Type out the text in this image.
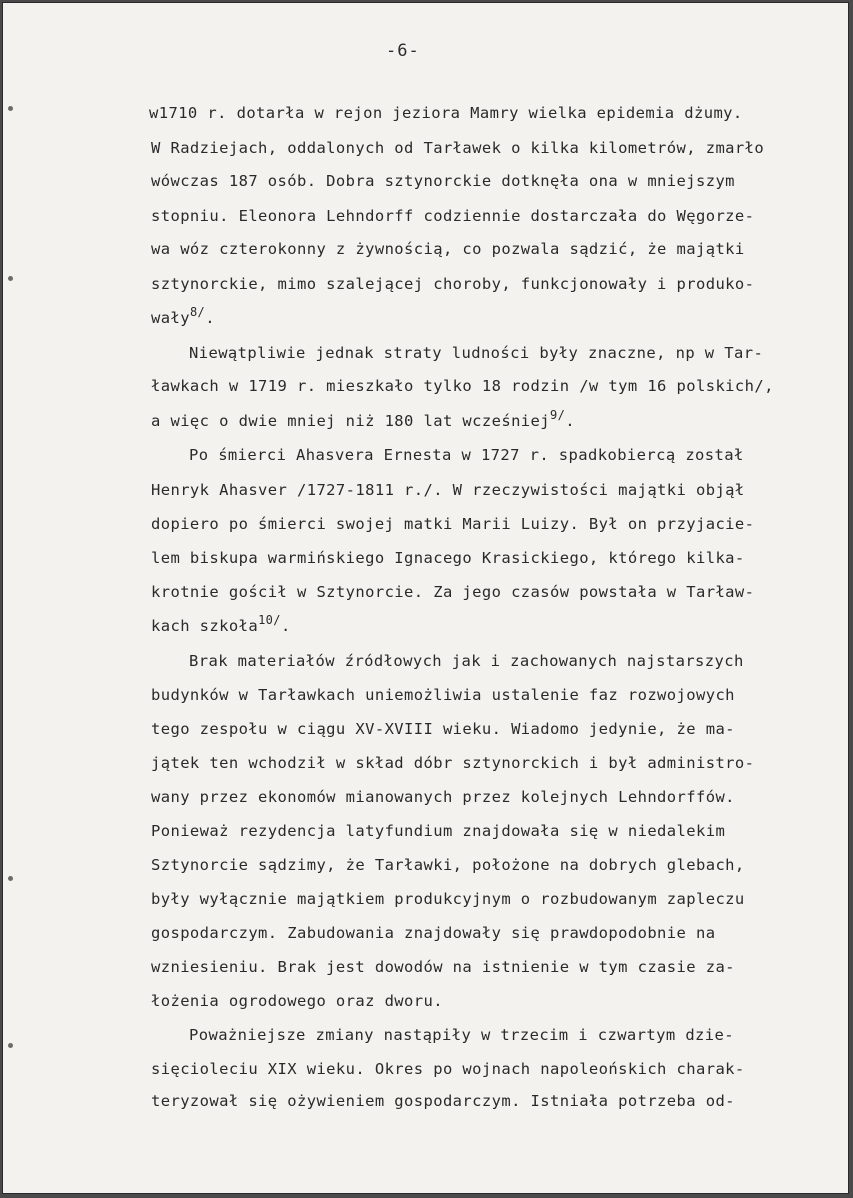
-6-
w1710 r. dotarła w rejon jeziora Mamry wielka epidemia dżumy.
W Radziejach, oddalonych od Tarławek o kilka kilometrów, zmarło
wówczas 187 osób. Dobra sztynorckie dotknęła ona w mniejszym
stopniu. Eleonora Lehndorff codziennie dostarczała do Węgorze-
wa wóz czterokonny z żywnością, co pozwala sądzić, że majątki
sztynorckie, mimo szalejącej choroby, funkcjonowały i produko-
wały$^{8/}$.
Niewątpliwie jednak straty ludności były znaczne, np w Tar-
ławkach w 1719 r. mieszkało tylko 18 rodzin /w tym 16 polskich/,
a więc o dwie mniej niż 180 lat wcześniej$^{9/}$.
Po śmierci Ahasvera Ernesta w 1727 r. spadkobiercą został
Henryk Ahasver /1727-1811 r./. W rzeczywistości majątki objął
dopiero po śmierci swojej matki Marii Luizy. Był on przyjacie-
lem biskupa warmińskiego Ignacego Krasickiego, którego kilka-
krotnie gościł w Sztynorcie. Za jego czasów powstała w Tarław-
kach szkoła$^{10/}$.
Brak materiałów źródłowych jak i zachowanych najstarszych
budynków w Tarławkach uniemożliwia ustalenie faz rozwojowych
tego zespołu w ciągu XV-XVIII wieku. Wiadomo jedynie, że ma-
jątek ten wchodził w skład dóbr sztynorckich i był administro-
wany przez ekonomów mianowanych przez kolejnych Lehndorffów.
Ponieważ rezydencja latyfundium znajdowała się w niedalekim
Sztynorcie sądzimy, że Tarławki, położone na dobrych glebach,
były wyłącznie majątkiem produkcyjnym o rozbudowanym zapleczu
gospodarczym. Zabudowania znajdowały się prawdopodobnie na
wzniesieniu. Brak jest dowodów na istnienie w tym czasie za-
łożenia ogrodowego oraz dworu.
Poważniejsze zmiany nastąpiły w trzecim i czwartym dzie-
sięcioleciu XIX wieku. Okres po wojnach napoleońskich charak-
teryzował się ożywieniem gospodarczym. Istniała potrzeba od-
